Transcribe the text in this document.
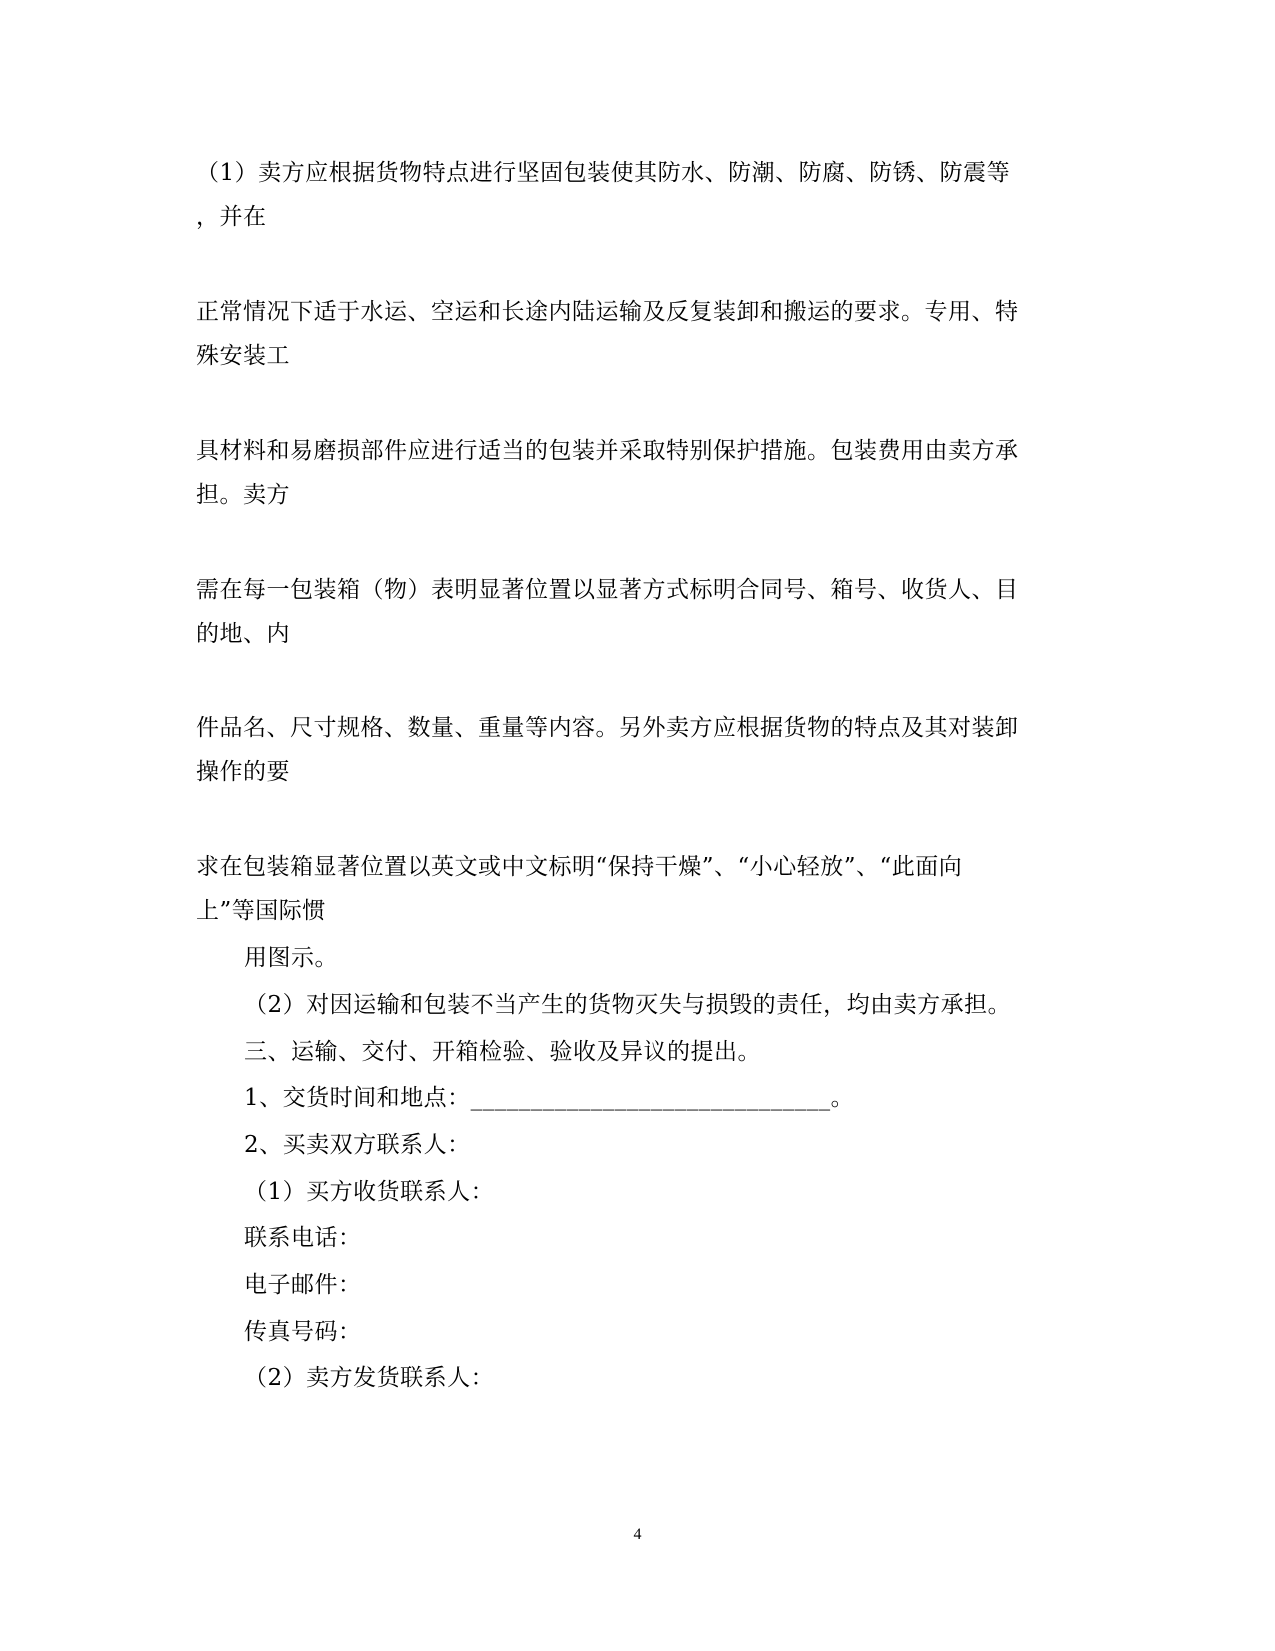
（1）卖方应根据货物特点进行坚固包装使其防水、防潮、防腐、防锈、防震等
，并在
正常情况下适于水运、空运和长途内陆运输及反复装卸和搬运的要求。专用、特
殊安装工
具材料和易磨损部件应进行适当的包装并采取特别保护措施。包装费用由卖方承
担。卖方
需在每一包装箱（物）表明显著位置以显著方式标明合同号、箱号、收货人、目
的地、内
件品名、尺寸规格、数量、重量等内容。另外卖方应根据货物的特点及其对装卸
操作的要
求在包装箱显著位置以英文或中文标明“保持干燥”、“小心轻放”、“此面向
上”等国际惯
用图示。
（2）对因运输和包装不当产生的货物灭失与损毁的责任，均由卖方承担。
三、运输、交付、开箱检验、验收及异议的提出。
1、交货时间和地点：______________________________。
2、买卖双方联系人：
（1）买方收货联系人：
联系电话：
电子邮件：
传真号码：
（2）卖方发货联系人：
4
